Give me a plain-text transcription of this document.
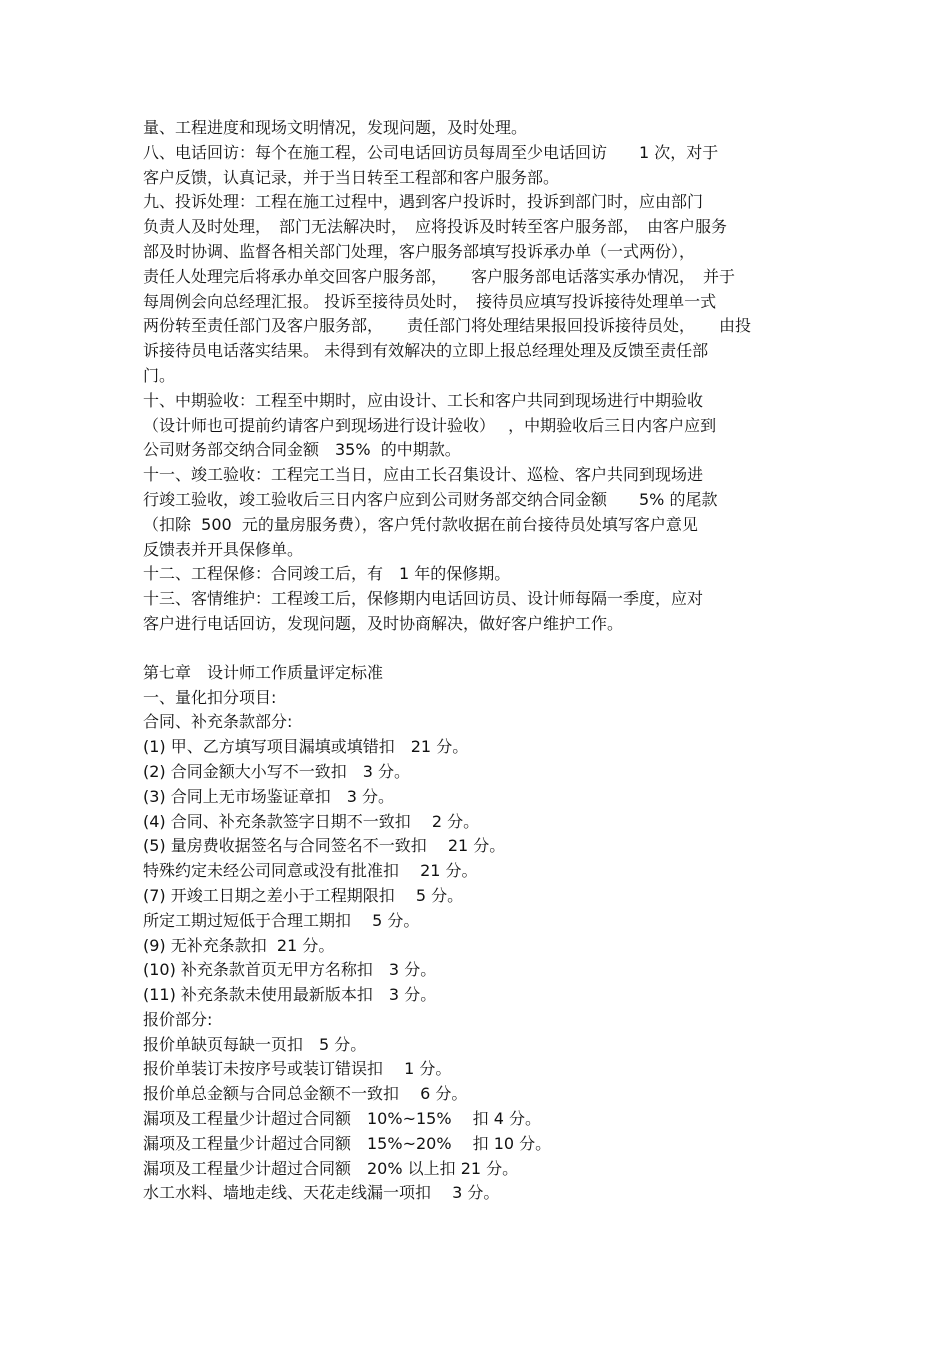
量、工程进度和现场文明情况，发现问题，及时处理。
八、电话回访：每个在施工程，公司电话回访员每周至少电话回访　　1 次，对于
客户反馈，认真记录，并于当日转至工程部和客户服务部。
九、投诉处理：工程在施工过程中，遇到客户投诉时，投诉到部门时，应由部门
负责人及时处理，　部门无法解决时，　应将投诉及时转至客户服务部，　由客户服务
部及时协调、监督各相关部门处理，客户服务部填写投诉承办单（一式两份），
责任人处理完后将承办单交回客户服务部，　　客户服务部电话落实承办情况，　并于
每周例会向总经理汇报。 投诉至接待员处时，　接待员应填写投诉接待处理单一式
两份转至责任部门及客户服务部，　　责任部门将处理结果报回投诉接待员处，　　由投
诉接待员电话落实结果。 未得到有效解决的立即上报总经理处理及反馈至责任部
门。
十、中期验收：工程至中期时，应由设计、工长和客户共同到现场进行中期验收
（设计师也可提前约请客户到现场进行设计验收）　 ，中期验收后三日内客户应到
公司财务部交纳合同金额　35%  的中期款。
十一、竣工验收：工程完工当日，应由工长召集设计、巡检、客户共同到现场进
行竣工验收，竣工验收后三日内客户应到公司财务部交纳合同金额　　5% 的尾款
（扣除  500  元的量房服务费），客户凭付款收据在前台接待员处填写客户意见
反馈表并开具保修单。
十二、工程保修：合同竣工后，有　1 年的保修期。
十三、客情维护：工程竣工后，保修期内电话回访员、设计师每隔一季度，应对
客户进行电话回访，发现问题，及时协商解决，做好客户维护工作。
第七章　设计师工作质量评定标准
一、量化扣分项目:
合同、补充条款部分:
(1) 甲、乙方填写项目漏填或填错扣　21 分。
(2) 合同金额大小写不一致扣　3 分。
(3) 合同上无市场鉴证章扣　3 分。
(4) 合同、补充条款签字日期不一致扣　 2 分。
(5) 量房费收据签名与合同签名不一致扣　 21 分。
特殊约定未经公司同意或没有批准扣　 21 分。
(7) 开竣工日期之差小于工程期限扣　 5 分。
所定工期过短低于合理工期扣　 5 分。
(9) 无补充条款扣  21 分。
(10) 补充条款首页无甲方名称扣　3 分。
(11) 补充条款未使用最新版本扣　3 分。
报价部分:
报价单缺页每缺一页扣　5 分。
报价单装订未按序号或装订错误扣　 1 分。
报价单总金额与合同总金额不一致扣　 6 分。
漏项及工程量少计超过合同额　10%~15%　 扣 4 分。
漏项及工程量少计超过合同额　15%~20%　 扣 10 分。
漏项及工程量少计超过合同额　20% 以上扣 21 分。
水工水料、墙地走线、天花走线漏一项扣　 3 分。
